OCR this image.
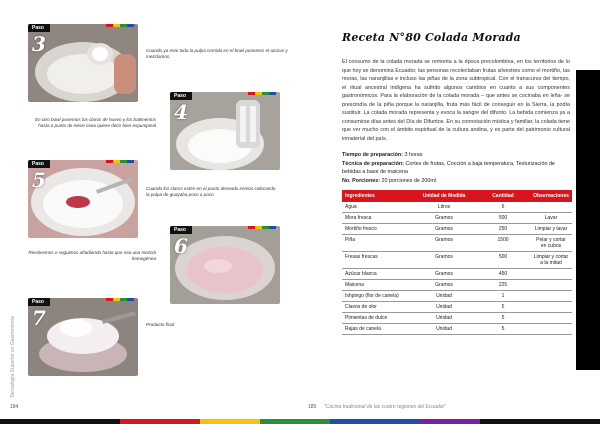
Tecnología Superior en Gastronomía
Paso
3	Cuando ya este toda la pulpa cernida en el bowl ponemos el azúcar y mezclamos.
Paso
4
En otro bowl ponemos los claros de huevo y los batimentos hasta a punto de nieve osea quiere decir bien espumjanal
Paso
5	Cuando los claros estén en el punto deseado iremos colocando la pulpa de guayaba poco a poco
Paso
6
Revolvemos o seguimos añadiendo hasta que sea una mezcla homogénea
Paso
7	Producto final
Receta N°80 Colada Morada
El consumo de la colada morada se remonta a la época precolombina, en los territorios de lo que hoy se denomina Ecuador, las personas recolectaban frutas silvestres como el mortiño, las moras, las naranjillas e incluso las piñas de la zona subtropical. Con el transcurso del tiempo, el ritual ancestral indígena ha sufrido algunos cambios en cuanto a sus componentes gastronómicos. Para la elaboración de la colada morada – que antes se cocinaba en leña- se prescindía de la piña porque la naranjilla, fruta más fácil de conseguir en la Sierra, la podía sustituir. La colada morada representa y evoca la sangre del difunto. La bebida comienza ya a consumirse días antes del Día de Difuntos. En su connotación mística y familiar, la colada tiene que ver mucho con el ámbito espiritual de la cultura andina, y es parte del patrimonio cultural inmaterial del país.
Tiempo de preparación: 3 horas
Técnica de preparación: Cortes de frutas, Cocción a baja temperatura, Texturización de bebidas a base de maicena
No. Porciones: 20 porciones de 200ml
Ingredientes	Unidad de Medida	Cantidad	Observaciones
Agua	Litros	6	
Mora fresca	Gramos	500	Lavar
Mortiño fresco	Gramos	250	Limpiar y lavar
Piña	Gramos	1500	Pelar y cortar en cubos
Fresas frescas	Gramos	500	Limpiar y cortar a la mitad
Azúcar blanca	Gramos	450	
Maicena	Gramos	225	
Ishpingo (flor de canela)	Unidad	1	
Clavos de olor	Unidad	5	
Pimientas de dulce	Unidad	5	
Rajas de canela	Unidad	5	
184	185 "Cocina tradicional de las cuatro regiones del Ecuador"
